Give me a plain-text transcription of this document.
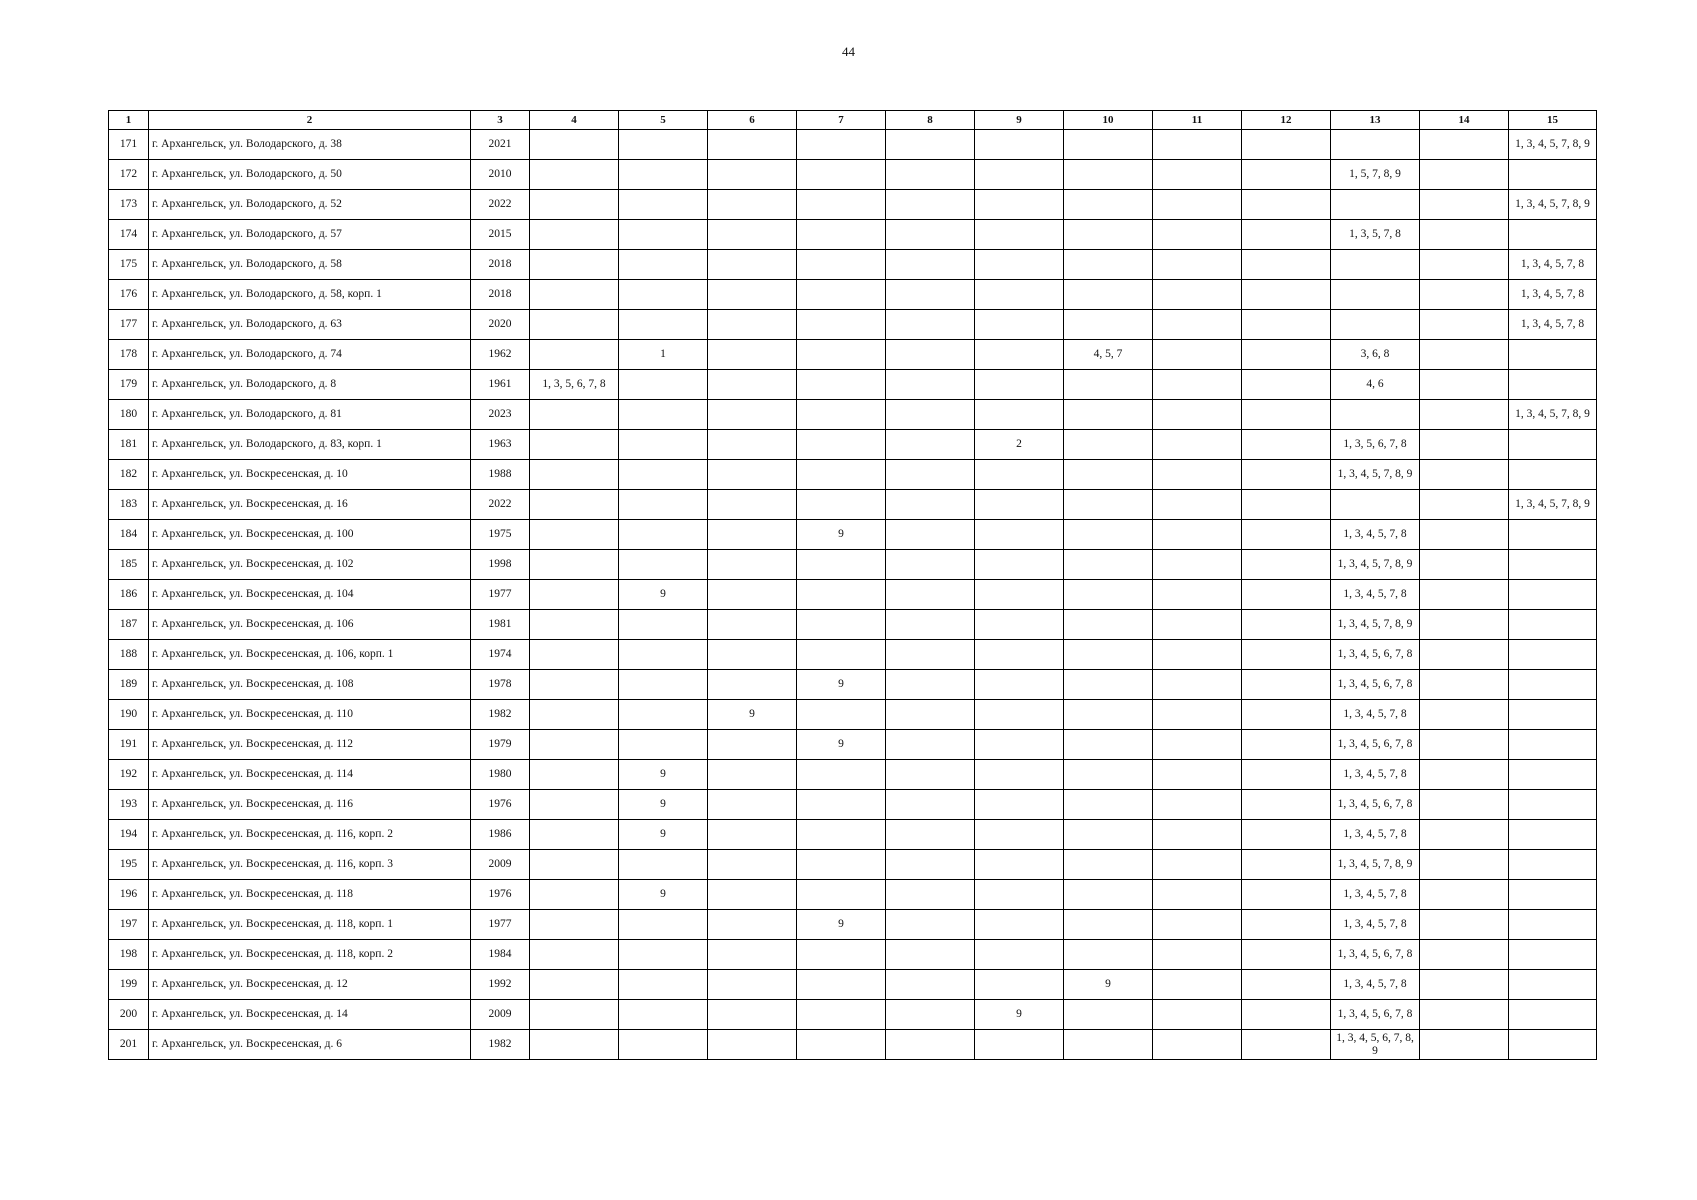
44
1	2	3	4	5	6	7	8	9	10	11	12	13	14	15
171	г. Архангельск, ул. Володарского, д. 38	2021												1, 3, 4, 5, 7, 8, 9
172	г. Архангельск, ул. Володарского, д. 50	2010										1, 5, 7, 8, 9		
173	г. Архангельск, ул. Володарского, д. 52	2022												1, 3, 4, 5, 7, 8, 9
174	г. Архангельск, ул. Володарского, д. 57	2015										1, 3, 5, 7, 8		
175	г. Архангельск, ул. Володарского, д. 58	2018												1, 3, 4, 5, 7, 8
176	г. Архангельск, ул. Володарского, д. 58, корп. 1	2018												1, 3, 4, 5, 7, 8
177	г. Архангельск, ул. Володарского, д. 63	2020												1, 3, 4, 5, 7, 8
178	г. Архангельск, ул. Володарского, д. 74	1962		1					4, 5, 7			3, 6, 8		
179	г. Архангельск, ул. Володарского, д. 8	1961	1, 3, 5, 6, 7, 8									4, 6		
180	г. Архангельск, ул. Володарского, д. 81	2023												1, 3, 4, 5, 7, 8, 9
181	г. Архангельск, ул. Володарского, д. 83, корп. 1	1963						2				1, 3, 5, 6, 7, 8		
182	г. Архангельск, ул. Воскресенская, д. 10	1988										1, 3, 4, 5, 7, 8, 9		
183	г. Архангельск, ул. Воскресенская, д. 16	2022												1, 3, 4, 5, 7, 8, 9
184	г. Архангельск, ул. Воскресенская, д. 100	1975				9						1, 3, 4, 5, 7, 8		
185	г. Архангельск, ул. Воскресенская, д. 102	1998										1, 3, 4, 5, 7, 8, 9		
186	г. Архангельск, ул. Воскресенская, д. 104	1977		9								1, 3, 4, 5, 7, 8		
187	г. Архангельск, ул. Воскресенская, д. 106	1981										1, 3, 4, 5, 7, 8, 9		
188	г. Архангельск, ул. Воскресенская, д. 106, корп. 1	1974										1, 3, 4, 5, 6, 7, 8		
189	г. Архангельск, ул. Воскресенская, д. 108	1978				9						1, 3, 4, 5, 6, 7, 8		
190	г. Архангельск, ул. Воскресенская, д. 110	1982			9							1, 3, 4, 5, 7, 8		
191	г. Архангельск, ул. Воскресенская, д. 112	1979				9						1, 3, 4, 5, 6, 7, 8		
192	г. Архангельск, ул. Воскресенская, д. 114	1980		9								1, 3, 4, 5, 7, 8		
193	г. Архангельск, ул. Воскресенская, д. 116	1976		9								1, 3, 4, 5, 6, 7, 8		
194	г. Архангельск, ул. Воскресенская, д. 116, корп. 2	1986		9								1, 3, 4, 5, 7, 8		
195	г. Архангельск, ул. Воскресенская, д. 116, корп. 3	2009										1, 3, 4, 5, 7, 8, 9		
196	г. Архангельск, ул. Воскресенская, д. 118	1976		9								1, 3, 4, 5, 7, 8		
197	г. Архангельск, ул. Воскресенская, д. 118, корп. 1	1977				9						1, 3, 4, 5, 7, 8		
198	г. Архангельск, ул. Воскресенская, д. 118, корп. 2	1984										1, 3, 4, 5, 6, 7, 8		
199	г. Архангельск, ул. Воскресенская, д. 12	1992							9			1, 3, 4, 5, 7, 8		
200	г. Архангельск, ул. Воскресенская, д. 14	2009						9				1, 3, 4, 5, 6, 7, 8		
201	г. Архангельск, ул. Воскресенская, д. 6	1982										1, 3, 4, 5, 6, 7, 8, 9		
